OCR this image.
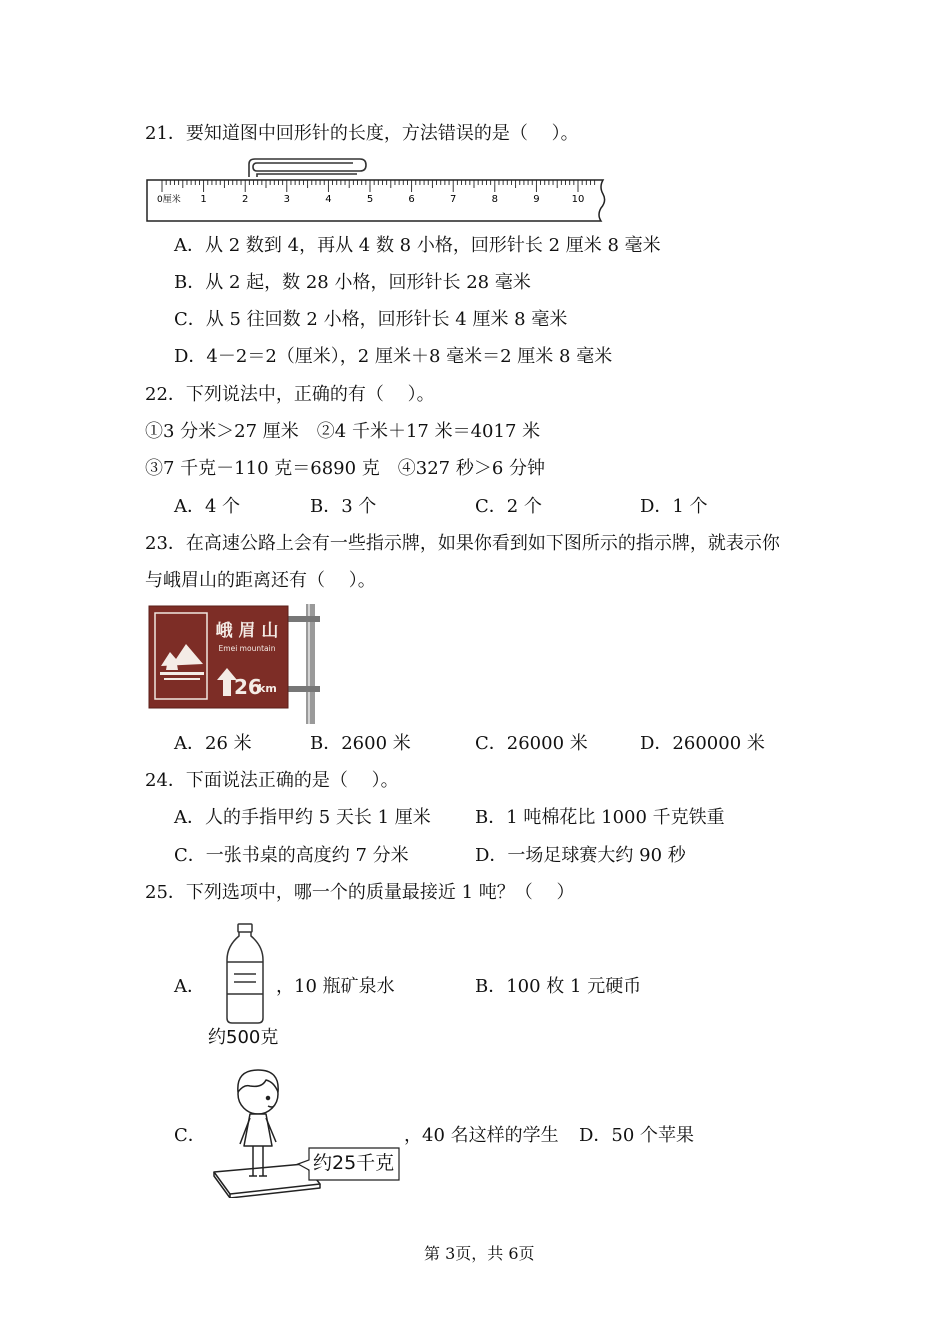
21．要知道图中回形针的长度，方法错误的是（　 ）。
0厘米 1	2	3	4	5	6	7	8	9	10
A．从 2 数到 4，再从 4 数 8 小格，回形针长 2 厘米 8 毫米
B．从 2 起，数 28 小格，回形针长 28 毫米
C．从 5 往回数 2 小格，回形针长 4 厘米 8 毫米
D．4－2＝2（厘米），2 厘米＋8 毫米＝2 厘米 8 毫米
22．下列说法中，正确的有（　 ）。
①3 分米＞27 厘米　②4 千米＋17 米＝4017 米
③7 千克－110 克＝6890 克　④327 秒＞6 分钟
A．4 个	B．3 个	C．2 个	D．1 个
23．在高速公路上会有一些指示牌，如果你看到如下图所示的指示牌，就表示你
与峨眉山的距离还有（　 ）。
峨 眉 山
Emei mountain
26
km
A．26 米	B．2600 米	C．26000 米	D．260000 米
24．下面说法正确的是（　 ）。
A．人的手指甲约 5 天长 1 厘米 B．1 吨棉花比 1000 千克铁重
C．一张书桌的高度约 7 分米	D．一场足球赛大约 90 秒
25．下列选项中，哪一个的质量最接近 1 吨？（　 ）
A．	，10 瓶矿泉水
约500克
B．100 枚 1 元硬币
C．
约25千克
，40 名这样的学生 D．50 个苹果
第 3页，共 6页
